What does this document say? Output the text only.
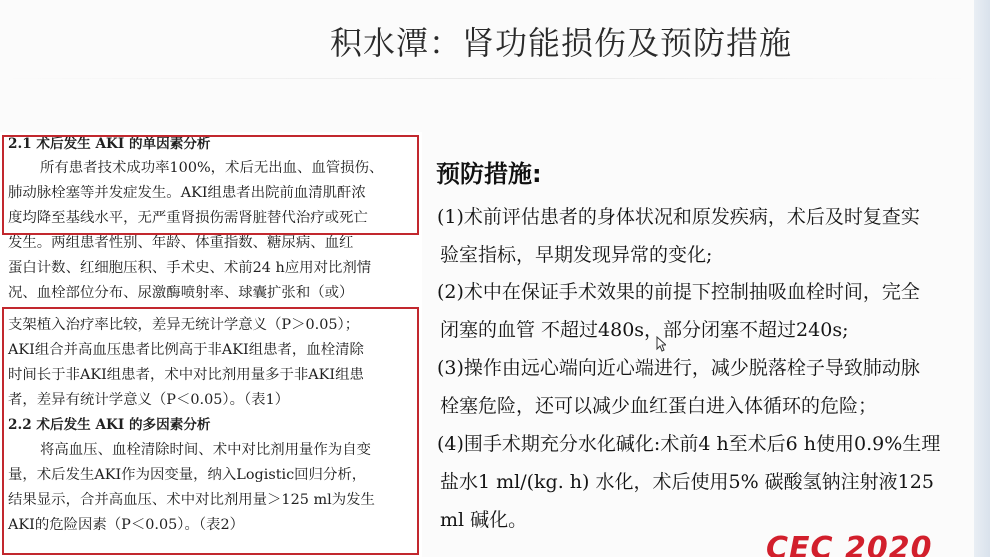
积水潭：肾功能损伤及预防措施
2.1 术后发生 AKI 的单因素分析
所有患者技术成功率100%，术后无出血、血管损伤、
肺动脉栓塞等并发症发生。AKI组患者出院前血清肌酐浓
度均降至基线水平，无严重肾损伤需肾脏替代治疗或死亡
发生。两组患者性别、年龄、体重指数、糖尿病、血红
蛋白计数、红细胞压积、手术史、术前24 h应用对比剂情
况、血栓部位分布、尿激酶喷射率、球囊扩张和（或）
支架植入治疗率比较，差异无统计学意义（P＞0.05）；
AKI组合并高血压患者比例高于非AKI组患者，血栓清除
时间长于非AKI组患者，术中对比剂用量多于非AKI组患
者，差异有统计学意义（P＜0.05）。（表1）
2.2 术后发生 AKI 的多因素分析
将高血压、血栓清除时间、术中对比剂用量作为自变
量，术后发生AKI作为因变量，纳入Logistic回归分析，
结果显示，合并高血压、术中对比剂用量＞125 ml为发生
AKI的危险因素（P＜0.05）。（表2）
预防措施:
(1)术前评估患者的身体状况和原发疾病，术后及时复查实
验室指标，早期发现异常的变化;
(2)术中在保证手术效果的前提下控制抽吸血栓时间，完全
闭塞的血管 不超过480s，部分闭塞不超过240s;
(3)操作由远心端向近心端进行，减少脱落栓子导致肺动脉
栓塞危险，还可以减少血红蛋白进入体循环的危险；
(4)围手术期充分水化碱化:术前4 h至术后6 h使用0.9%生理
盐水1 ml/(kg. h) 水化，术后使用5% 碳酸氢钠注射液125
ml 碱化。
CEC 2020
